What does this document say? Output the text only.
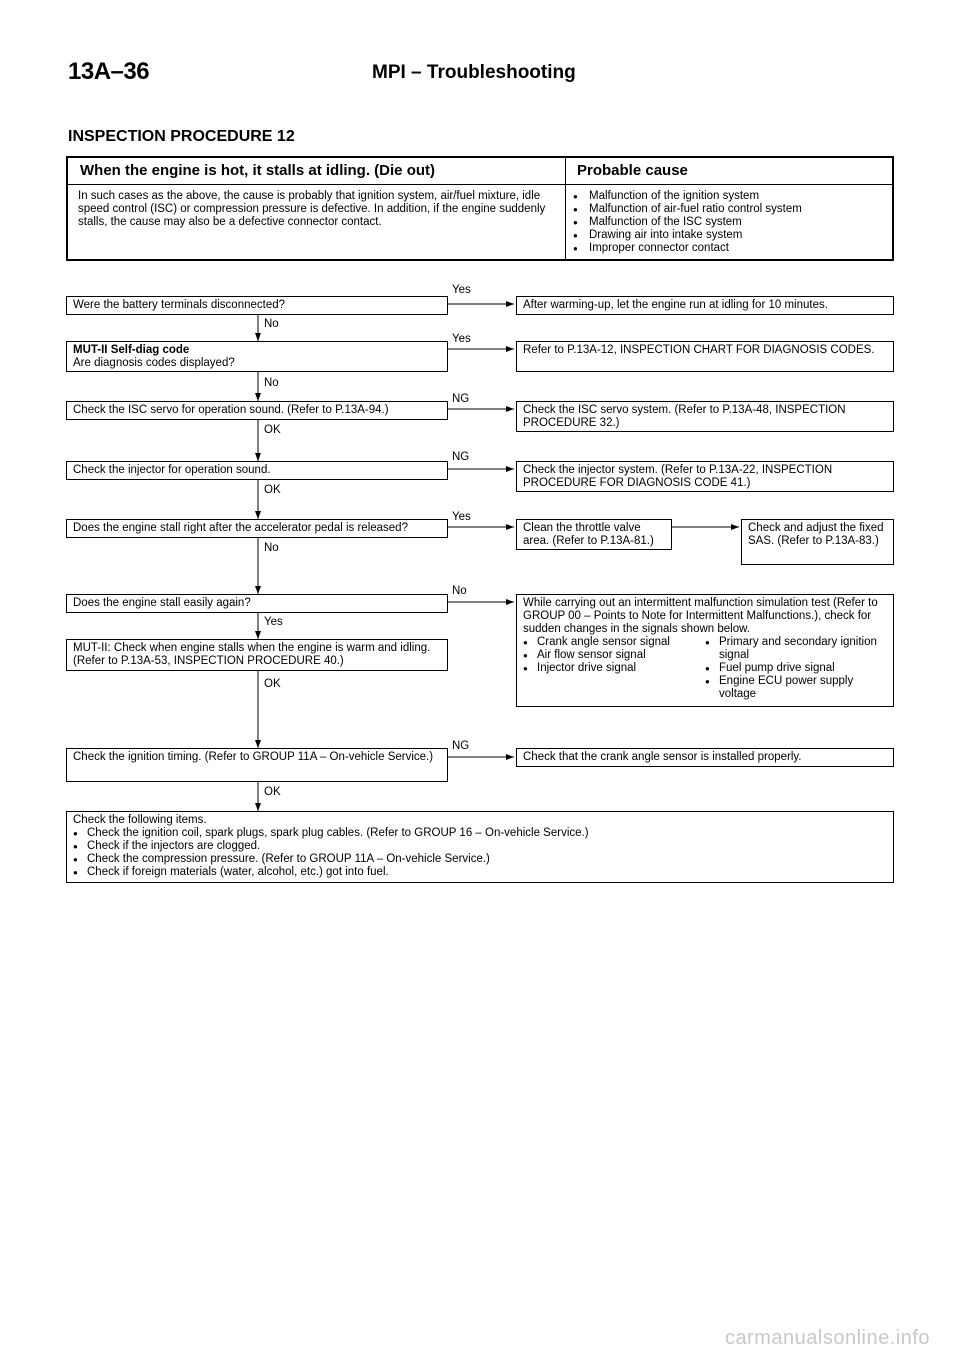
13A–36	MPI – Troubleshooting
INSPECTION PROCEDURE 12
When the engine is hot, it stalls at idling. (Die out)
In such cases as the above, the cause is probably that ignition system, air/fuel mixture, idle speed control (ISC) or compression pressure is defective. In addition, if the engine suddenly stalls, the cause may also be a defective connector contact.
Probable cause
● Malfunction of the ignition system
● Malfunction of air-fuel ratio control system
● Malfunction of the ISC system
● Drawing air into intake system
● Improper connector contact
Were the battery terminals disconnected?
Yes
No
After warming-up, let the engine run at idling for 10 minutes.
MUT-II Self-diag code
Are diagnosis codes displayed?
Yes
No
Refer to P.13A-12, INSPECTION CHART FOR DIAGNOSIS CODES.
Check the ISC servo for operation sound. (Refer to P.13A-94.)
NG
OK
Check the ISC servo system. (Refer to P.13A-48, INSPECTION PROCEDURE 32.)
Check the injector for operation sound.
NG
OK
Check the injector system. (Refer to P.13A-22, INSPECTION PROCEDURE FOR DIAGNOSIS CODE 41.)
Does the engine stall right after the accelerator pedal is released?
Yes
No
Clean the throttle valve area. (Refer to P.13A-81.)
Check and adjust the fixed SAS. (Refer to P.13A-83.)
Does the engine stall easily again?
No
Yes
While carrying out an intermittent malfunction simulation test (Refer to GROUP 00 – Points to Note for Intermittent Malfunctions.), check for sudden changes in the signals shown below.
● Crank angle sensor signal
● Air flow sensor signal
● Injector drive signal
● Primary and secondary ignition signal
● Fuel pump drive signal
● Engine ECU power supply voltage
MUT-II: Check when engine stalls when the engine is warm and idling. (Refer to P.13A-53, INSPECTION PROCEDURE 40.)
OK
Check the ignition timing. (Refer to GROUP 11A – On-vehicle Service.)
NG
OK
Check that the crank angle sensor is installed properly.
Check the following items.
● Check the ignition coil, spark plugs, spark plug cables. (Refer to GROUP 16 – On-vehicle Service.)
● Check if the injectors are clogged.
● Check the compression pressure. (Refer to GROUP 11A – On-vehicle Service.)
● Check if foreign materials (water, alcohol, etc.) got into fuel.
carmanualsonline.info
